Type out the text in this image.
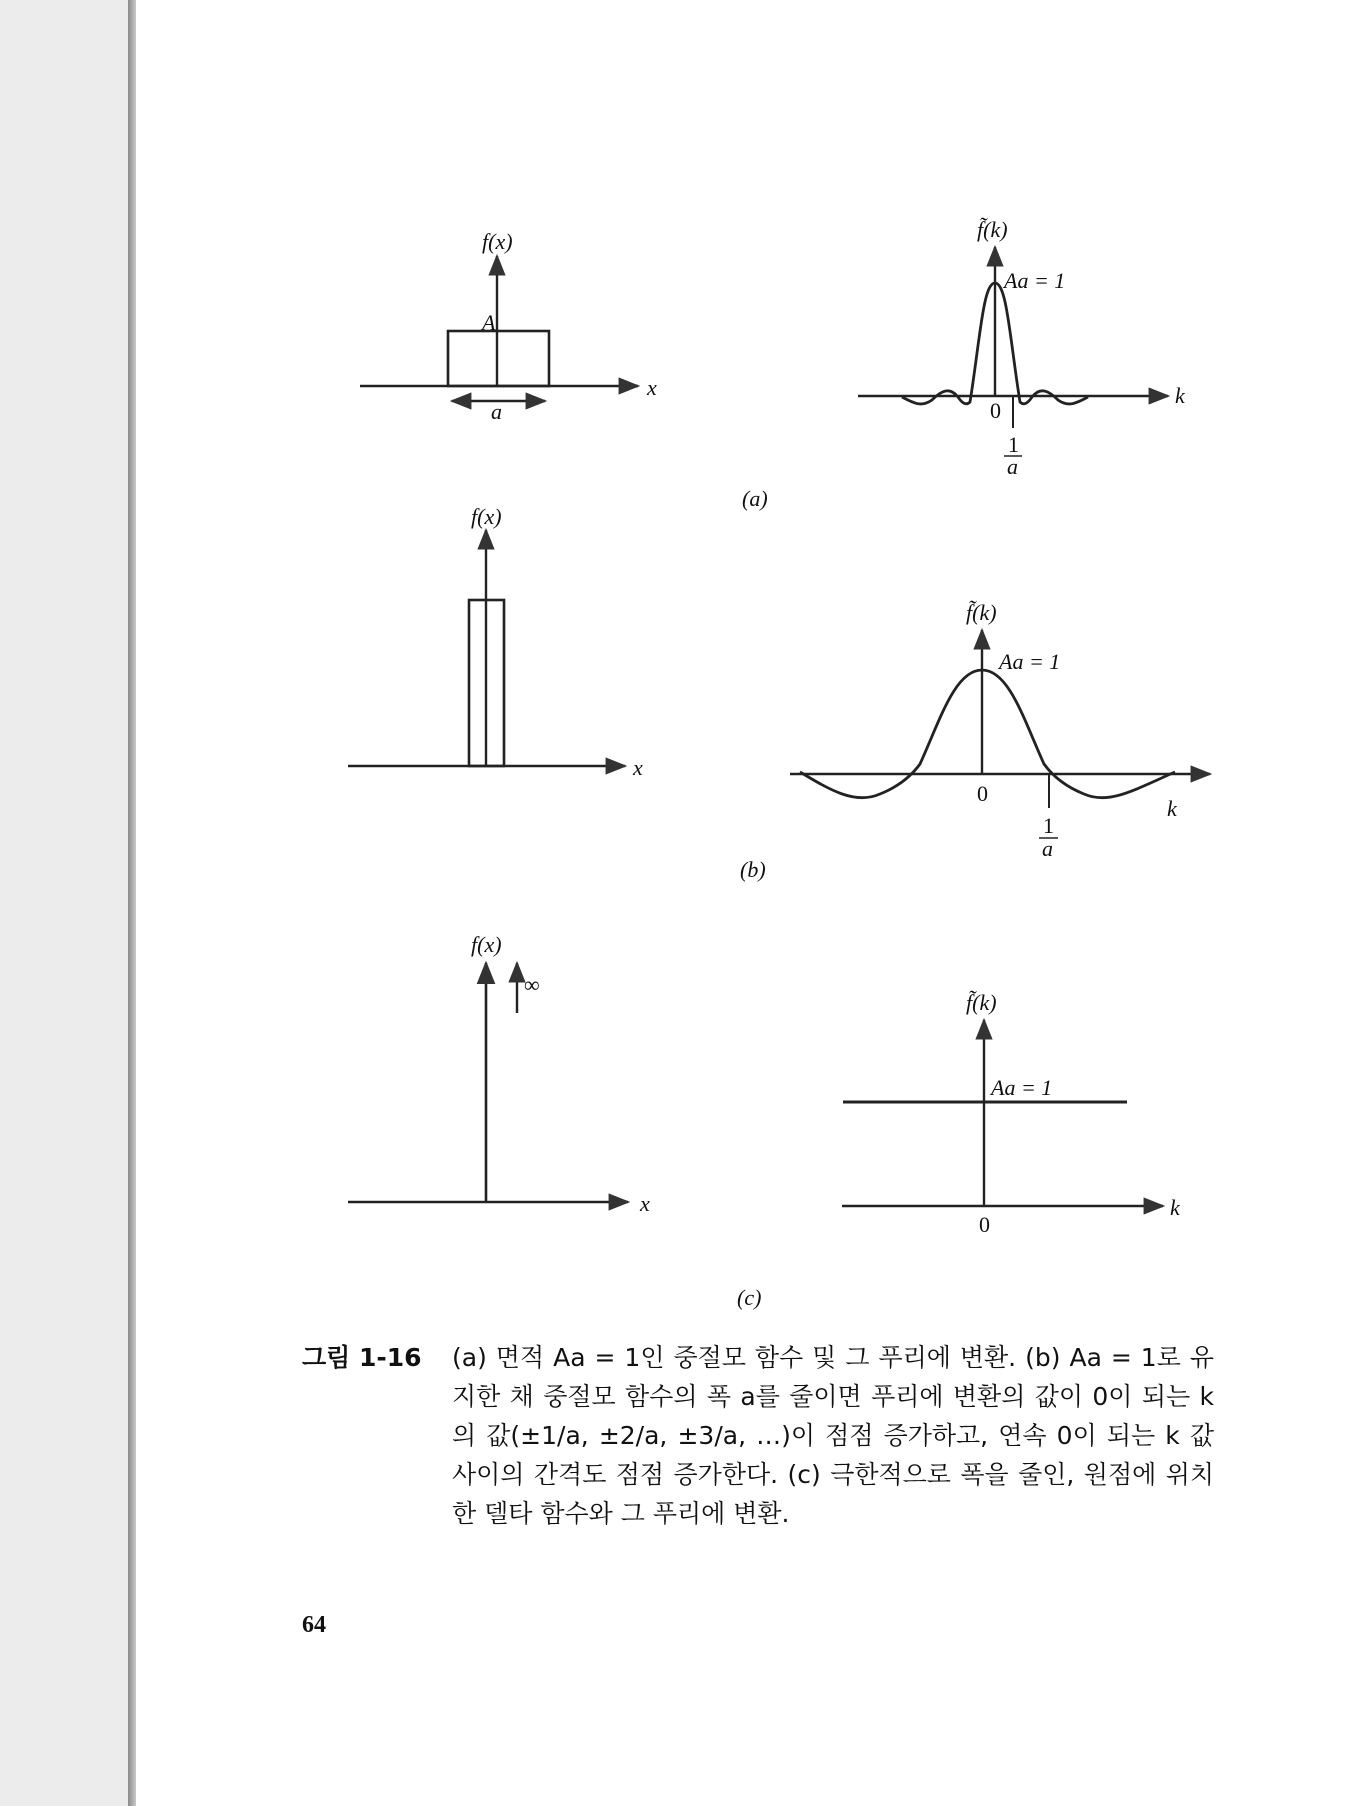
f(x)
A
a
x
f̃(k)
Aa = 1
0
1
a
k
(a)
f(x)
x
f̃(k)
Aa = 1
0
1
a
k
(b)
f(x)
∞
x
f̃(k)
Aa = 1
0
k
(c)
그림 1-16 (a) 면적 Aa = 1인 중절모 함수 및 그 푸리에 변환. (b) Aa = 1로 유지한 채 중절모 함수의 폭 a를 줄이면 푸리에 변환의 값이 0이 되는 k의 값(±1/a, ±2/a, ±3/a, …)이 점점 증가하고, 연속 0이 되는 k 값 사이의 간격도 점점 증가한다. (c) 극한적으로 폭을 줄인, 원점에 위치한 델타 함수와 그 푸리에 변환.
64
